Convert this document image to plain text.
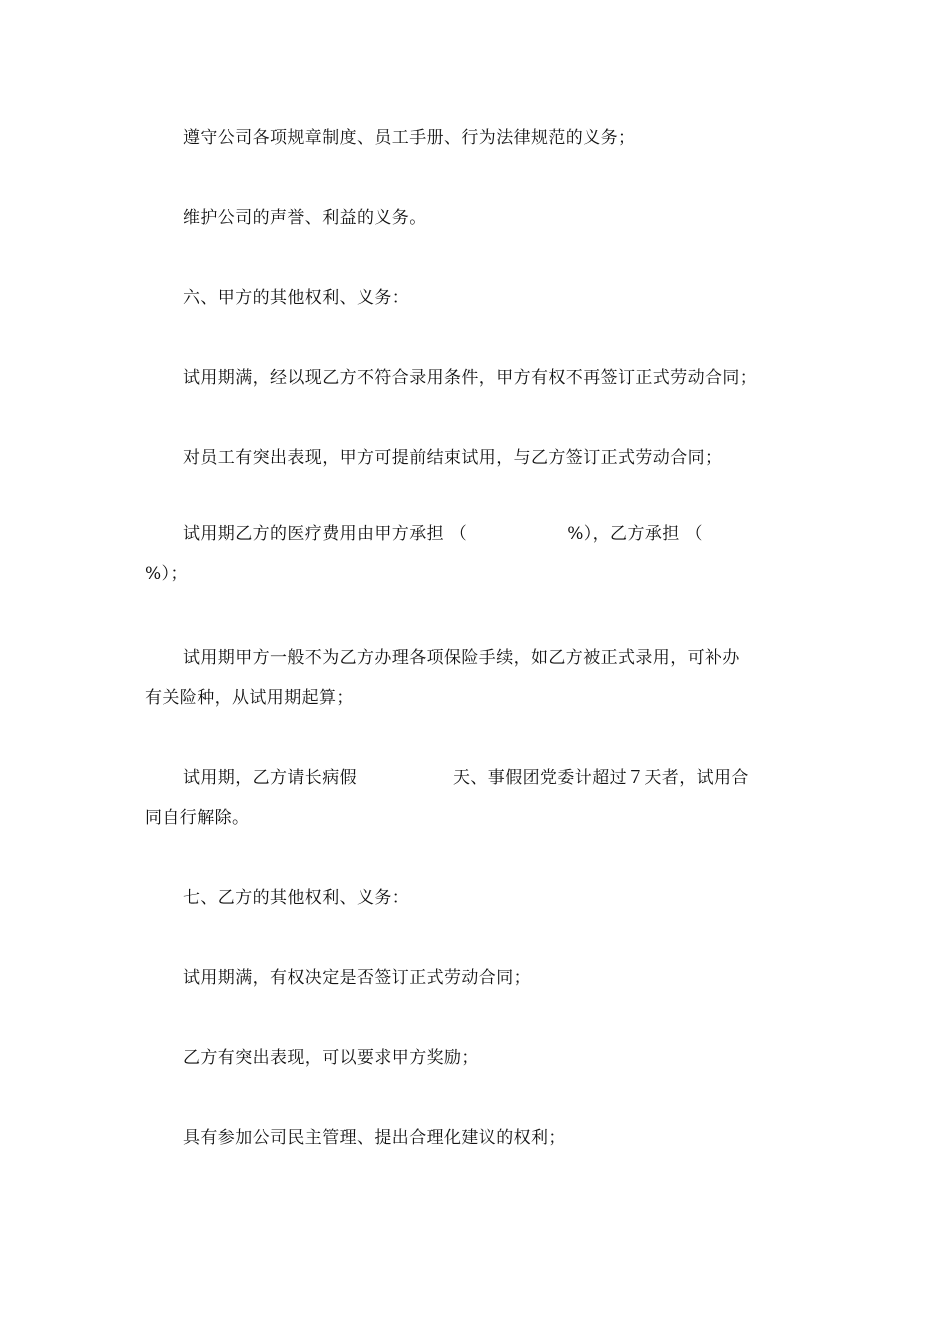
遵守公司各项规章制度、员工手册、行为法律规范的义务；
维护公司的声誉、利益的义务。
六、甲方的其他权利、义务：
试用期满，经以现乙方不符合录用条件，甲方有权不再签订正式劳动合同；
对员工有突出表现，甲方可提前结束试用，与乙方签订正式劳动合同；
试用期乙方的医疗费用由甲方承担 （	%），乙方承担 （
%）；
试用期甲方一般不为乙方办理各项保险手续，如乙方被正式录用，可补办
有关险种，从试用期起算；
试用期，乙方请长病假	天、事假团党委计超过７天者，试用合
同自行解除。
七、乙方的其他权利、义务：
试用期满，有权决定是否签订正式劳动合同；
乙方有突出表现，可以要求甲方奖励；
具有参加公司民主管理、提出合理化建议的权利；
